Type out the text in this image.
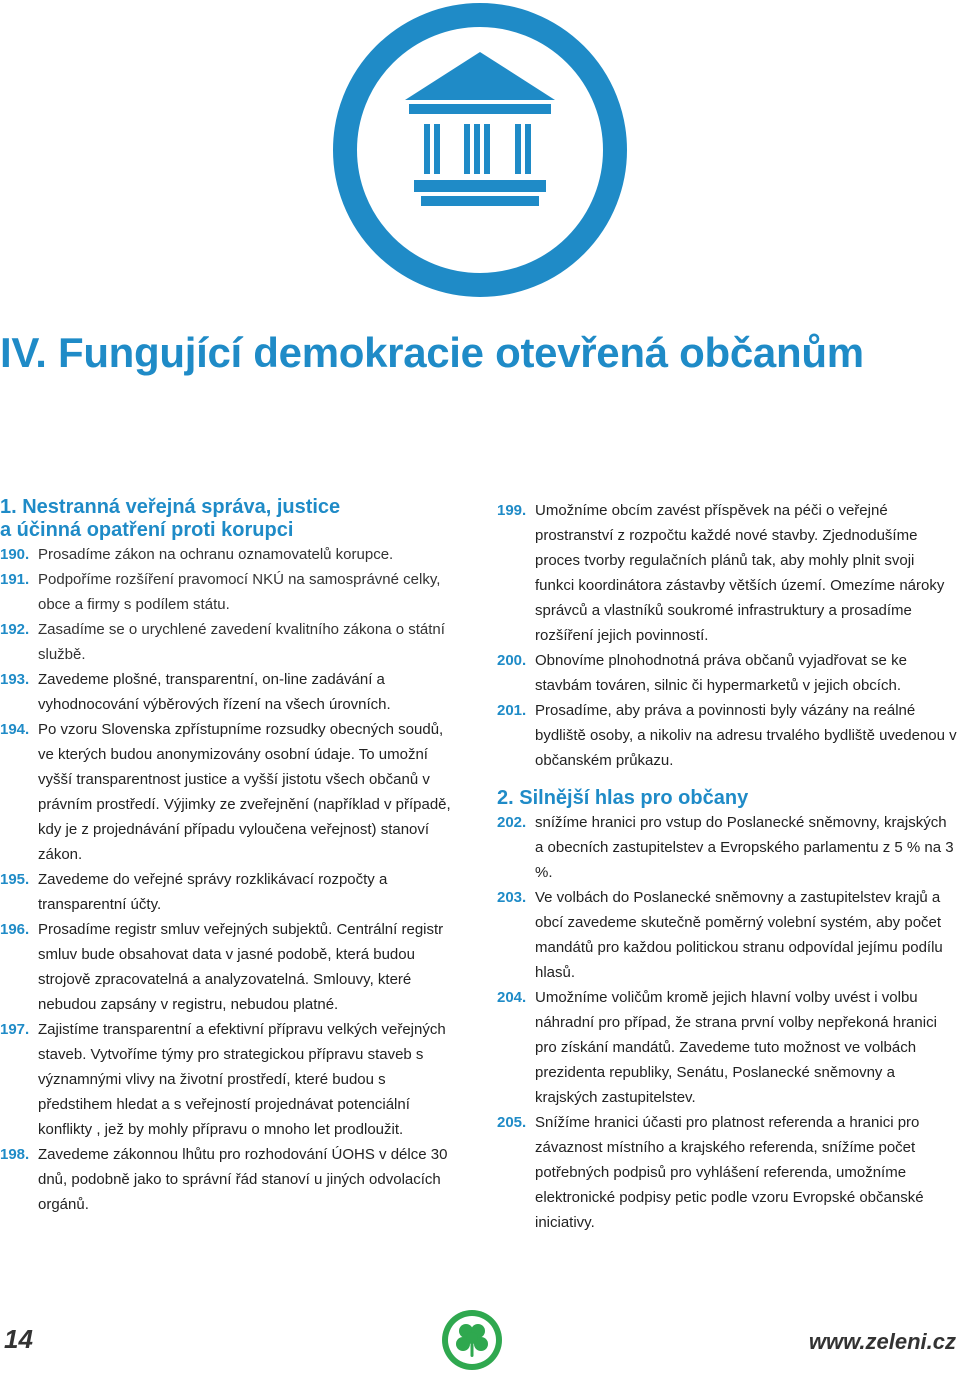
IV. Fungující demokracie otevřená občanům
1. Nestranná veřejná správa, justice
a účinná opatření proti korupci
190. Prosadíme zákon na ochranu oznamovatelů korupce.
191. Podpoříme rozšíření pravomocí NKÚ na samosprávné celky, obce a firmy s podílem státu.
192. Zasadíme se o urychlené zavedení kvalitního zákona o státní službě.
193. Zavedeme plošné, transparentní, on-line zadávání a vyhodnocování výběrových řízení na všech úrovních.
194. Po vzoru Slovenska zpřístupníme rozsudky obecných soudů, ve kterých budou anonymizovány osobní údaje. To umožní vyšší transparentnost justice a vyšší jistotu všech občanů v právním prostředí. Výjimky ze zveřejnění (například v případě, kdy je z projednávání případu vyloučena veřejnost) stanoví zákon.
195. Zavedeme do veřejné správy rozklikávací rozpočty a transparentní účty.
196. Prosadíme registr smluv veřejných subjektů. Centrální registr smluv bude obsahovat data v jasné podobě, která budou strojově zpracovatelná a analyzovatelná. Smlouvy, které nebudou zapsány v registru, nebudou platné.
197. Zajistíme transparentní a efektivní přípravu velkých veřejných staveb. Vytvoříme týmy pro strategickou přípravu staveb s významnými vlivy na životní prostředí, které budou s předstihem hledat a s veřejností projednávat potenciální konflikty , jež by mohly přípravu o mnoho let prodloužit.
198. Zavedeme zákonnou lhůtu pro rozhodování ÚOHS v délce 30 dnů, podobně jako to správní řád stanoví u jiných odvolacích orgánů.
199. Umožníme obcím zavést příspěvek na péči o veřejné prostranství z rozpočtu každé nové stavby. Zjednodušíme proces tvorby regulačních plánů tak, aby mohly plnit svoji funkci koordinátora zástavby větších území. Omezíme nároky správců a vlastníků soukromé infrastruktury a prosadíme rozšíření jejich povinností.
200. Obnovíme plnohodnotná práva občanů vyjadřovat se ke stavbám továren, silnic či hypermarketů v jejich obcích.
201. Prosadíme, aby práva a povinnosti byly vázány na reálné bydliště osoby, a nikoliv na adresu trvalého bydliště uvedenou v občanském průkazu.
2. Silnější hlas pro občany
202. snížíme hranici pro vstup do Poslanecké sněmovny, krajských a obecních zastupitelstev a Evropského parlamentu z 5 % na 3 %.
203. Ve volbách do Poslanecké sněmovny a zastupitelstev krajů a obcí zavedeme skutečně poměrný volební systém, aby počet mandátů pro každou politickou stranu odpovídal jejímu podílu hlasů.
204. Umožníme voličům kromě jejich hlavní volby uvést i volbu náhradní pro případ, že strana první volby nepřekoná hranici pro získání mandátů. Zavedeme tuto možnost ve volbách prezidenta republiky, Senátu, Poslanecké sněmovny a krajských zastupitelstev.
205. Snížíme hranici účasti pro platnost referenda a hranici pro závaznost místního a krajského referenda, snížíme počet potřebných podpisů pro vyhlášení referenda, umožníme elektronické podpisy petic podle vzoru Evropské občanské iniciativy.
14	www.zeleni.cz
